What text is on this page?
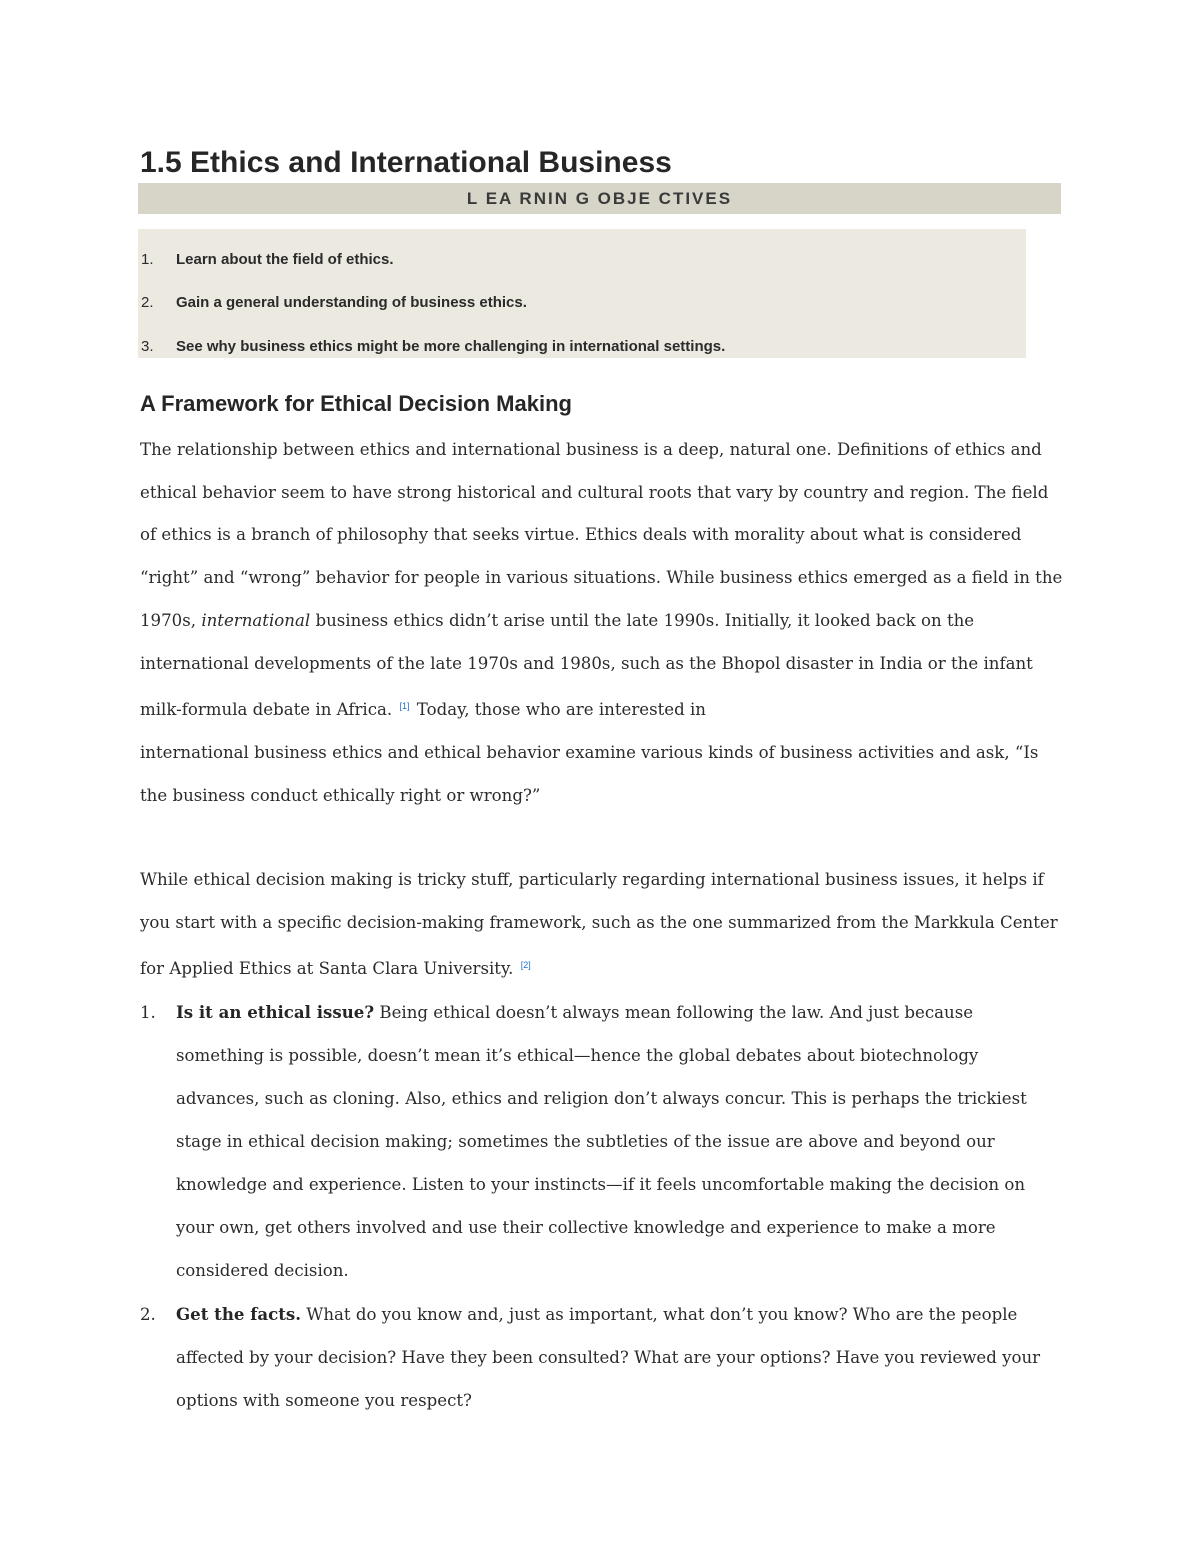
1.5 Ethics and International Business
L EA RNIN G OBJE CTIVES

1. Learn about the field of ethics.

2. Gain a general understanding of business ethics.

3. See why business ethics might be more challenging in international settings.

A Framework for Ethical Decision Making

The relationship between ethics and international business is a deep, natural one. Definitions of ethics and ethical behavior seem to have strong historical and cultural roots that vary by country and region. The field of ethics is a branch of philosophy that seeks virtue. Ethics deals with morality about what is considered “right” and “wrong” behavior for people in various situations. While business ethics emerged as a field in the 1970s, international business ethics didn’t arise until the late 1990s. Initially, it looked back on the international developments of the late 1970s and 1980s, such as the Bhopol disaster in India or the infant milk-formula debate in Africa. [1] Today, those who are interested in
international business ethics and ethical behavior examine various kinds of business activities and ask, “Is the business conduct ethically right or wrong?”

While ethical decision making is tricky stuff, particularly regarding international business issues, it helps if you start with a specific decision-making framework, such as the one summarized from the Markkula Center for Applied Ethics at Santa Clara University. [2]

1. Is it an ethical issue? Being ethical doesn’t always mean following the law. And just because something is possible, doesn’t mean it’s ethical—hence the global debates about biotechnology advances, such as cloning. Also, ethics and religion don’t always concur. This is perhaps the trickiest stage in ethical decision making; sometimes the subtleties of the issue are above and beyond our knowledge and experience. Listen to your instincts—if it feels uncomfortable making the decision on your own, get others involved and use their collective knowledge and experience to make a more considered decision.
2. Get the facts. What do you know and, just as important, what don’t you know? Who are the people affected by your decision? Have they been consulted? What are your options? Have you reviewed your options with someone you respect?
